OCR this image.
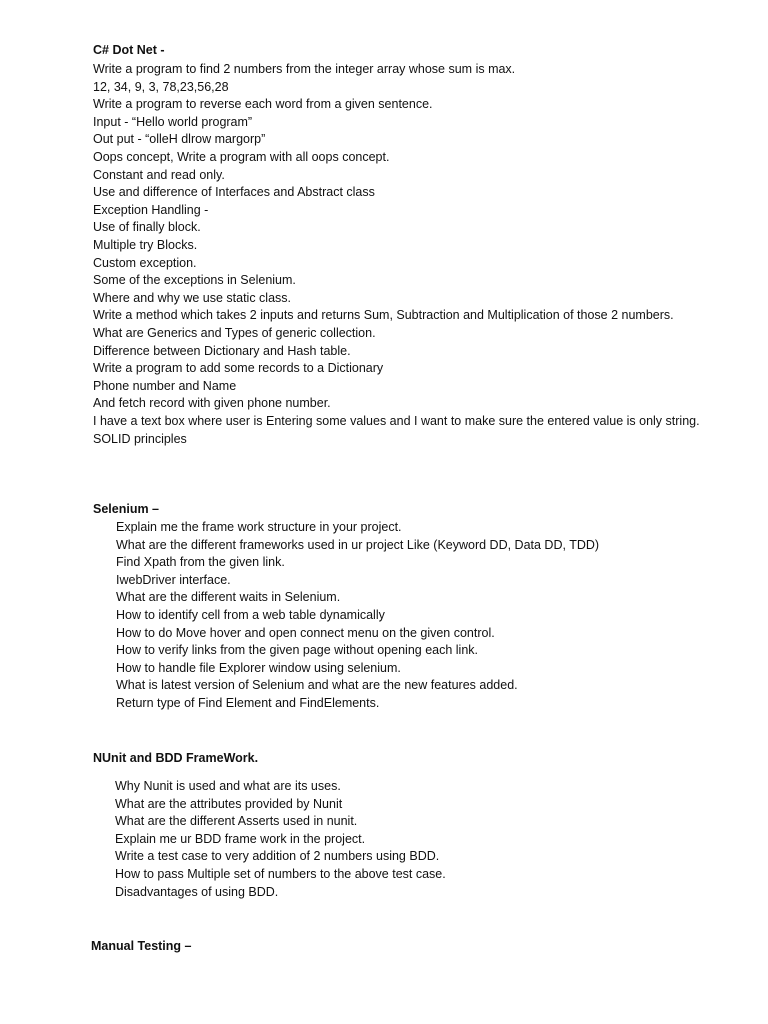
C# Dot Net -
Write a program to find 2 numbers from the integer array whose sum is max.
12, 34, 9, 3, 78,23,56,28
Write a program to reverse each word from a given sentence.
Input - “Hello world program”
Out put - “olleH dlrow margorp”
Oops concept, Write a program with all oops concept.
Constant and read only.
Use and difference of Interfaces and Abstract class
Exception Handling -
Use of finally block.
Multiple try Blocks.
Custom exception.
Some of the exceptions in Selenium.
Where and why we use static class.
Write a method which takes 2 inputs and returns Sum, Subtraction and Multiplication of those 2 numbers.
What are Generics and Types of generic collection.
Difference between Dictionary and Hash table.
Write a program to add some records to a Dictionary
Phone number and Name
And fetch record with given phone number.
I have a text box where user is Entering some values and I want to make sure the entered value is only string.
SOLID principles
Selenium –
Explain me the frame work structure in your project.
What are the different frameworks used in ur project Like (Keyword DD, Data DD, TDD)
Find Xpath from the given link.
IwebDriver interface.
What are the different waits in Selenium.
How to identify cell from a web table dynamically
How to do Move hover and open connect menu on the given control.
How to verify links from the given page without opening each link.
How to handle file Explorer window using selenium.
What is latest version of Selenium and what are the new features added.
Return type of Find Element and FindElements.
NUnit and BDD FrameWork.
Why Nunit is used and what are its uses.
What are the attributes provided by Nunit
What are the different Asserts used in nunit.
Explain me ur BDD frame work in the project.
Write a test case to very addition of 2 numbers using BDD.
How to pass Multiple set of numbers to the above test case.
Disadvantages of using BDD.
Manual Testing –
